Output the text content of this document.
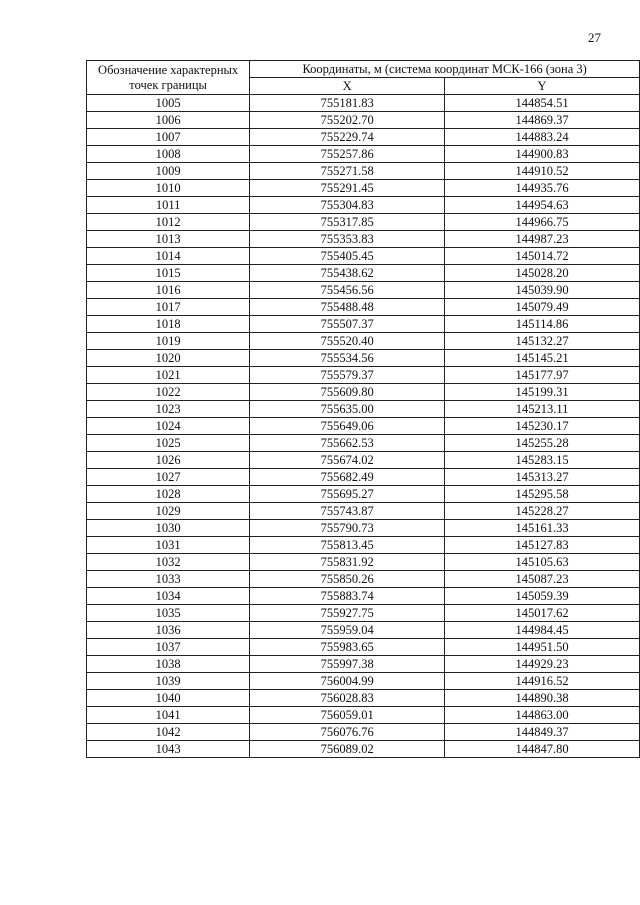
27
Обозначение характерных точек границы	Координаты, м (система координат МСК-166 (зона 3)	
	X	Y
1005	755181.83	144854.51
1006	755202.70	144869.37
1007	755229.74	144883.24
1008	755257.86	144900.83
1009	755271.58	144910.52
1010	755291.45	144935.76
1011	755304.83	144954.63
1012	755317.85	144966.75
1013	755353.83	144987.23
1014	755405.45	145014.72
1015	755438.62	145028.20
1016	755456.56	145039.90
1017	755488.48	145079.49
1018	755507.37	145114.86
1019	755520.40	145132.27
1020	755534.56	145145.21
1021	755579.37	145177.97
1022	755609.80	145199.31
1023	755635.00	145213.11
1024	755649.06	145230.17
1025	755662.53	145255.28
1026	755674.02	145283.15
1027	755682.49	145313.27
1028	755695.27	145295.58
1029	755743.87	145228.27
1030	755790.73	145161.33
1031	755813.45	145127.83
1032	755831.92	145105.63
1033	755850.26	145087.23
1034	755883.74	145059.39
1035	755927.75	145017.62
1036	755959.04	144984.45
1037	755983.65	144951.50
1038	755997.38	144929.23
1039	756004.99	144916.52
1040	756028.83	144890.38
1041	756059.01	144863.00
1042	756076.76	144849.37
1043	756089.02	144847.80
